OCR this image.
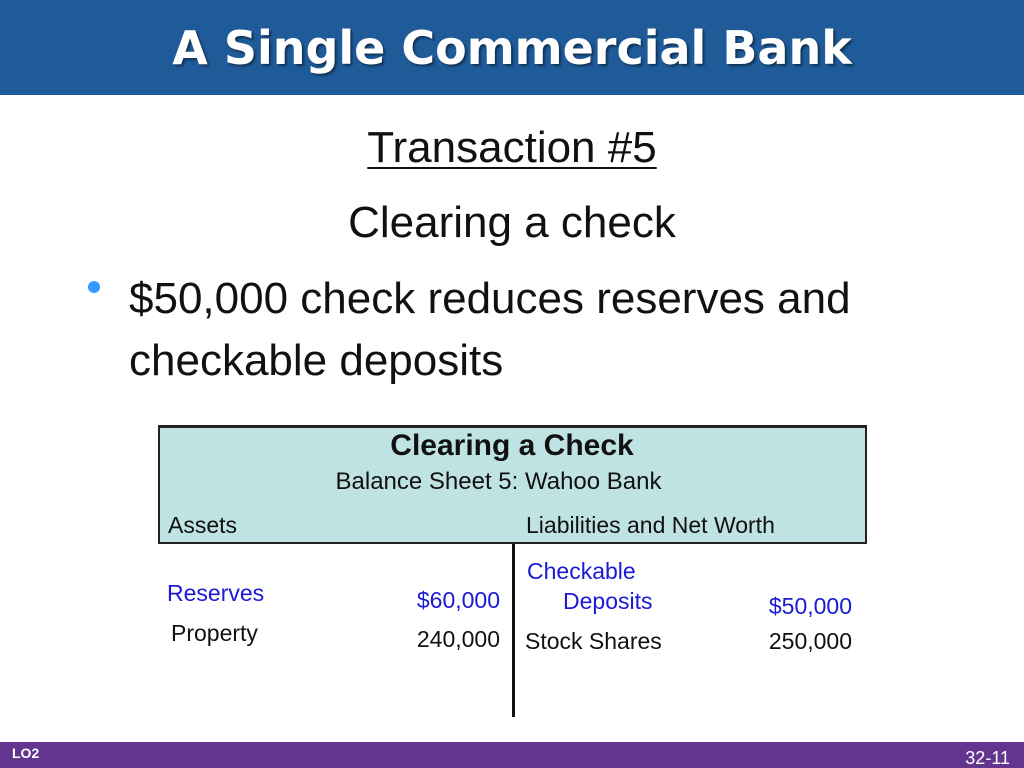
A Single Commercial Bank
Transaction #5
Clearing a check
$50,000 check reduces reserves and checkable deposits
Clearing a Check
Balance Sheet 5: Wahoo Bank
Assets	Liabilities and Net Worth
Reserves	$60,000
Property	240,000
Checkable
Deposits	$50,000
Stock Shares	250,000
LO2	32-11
